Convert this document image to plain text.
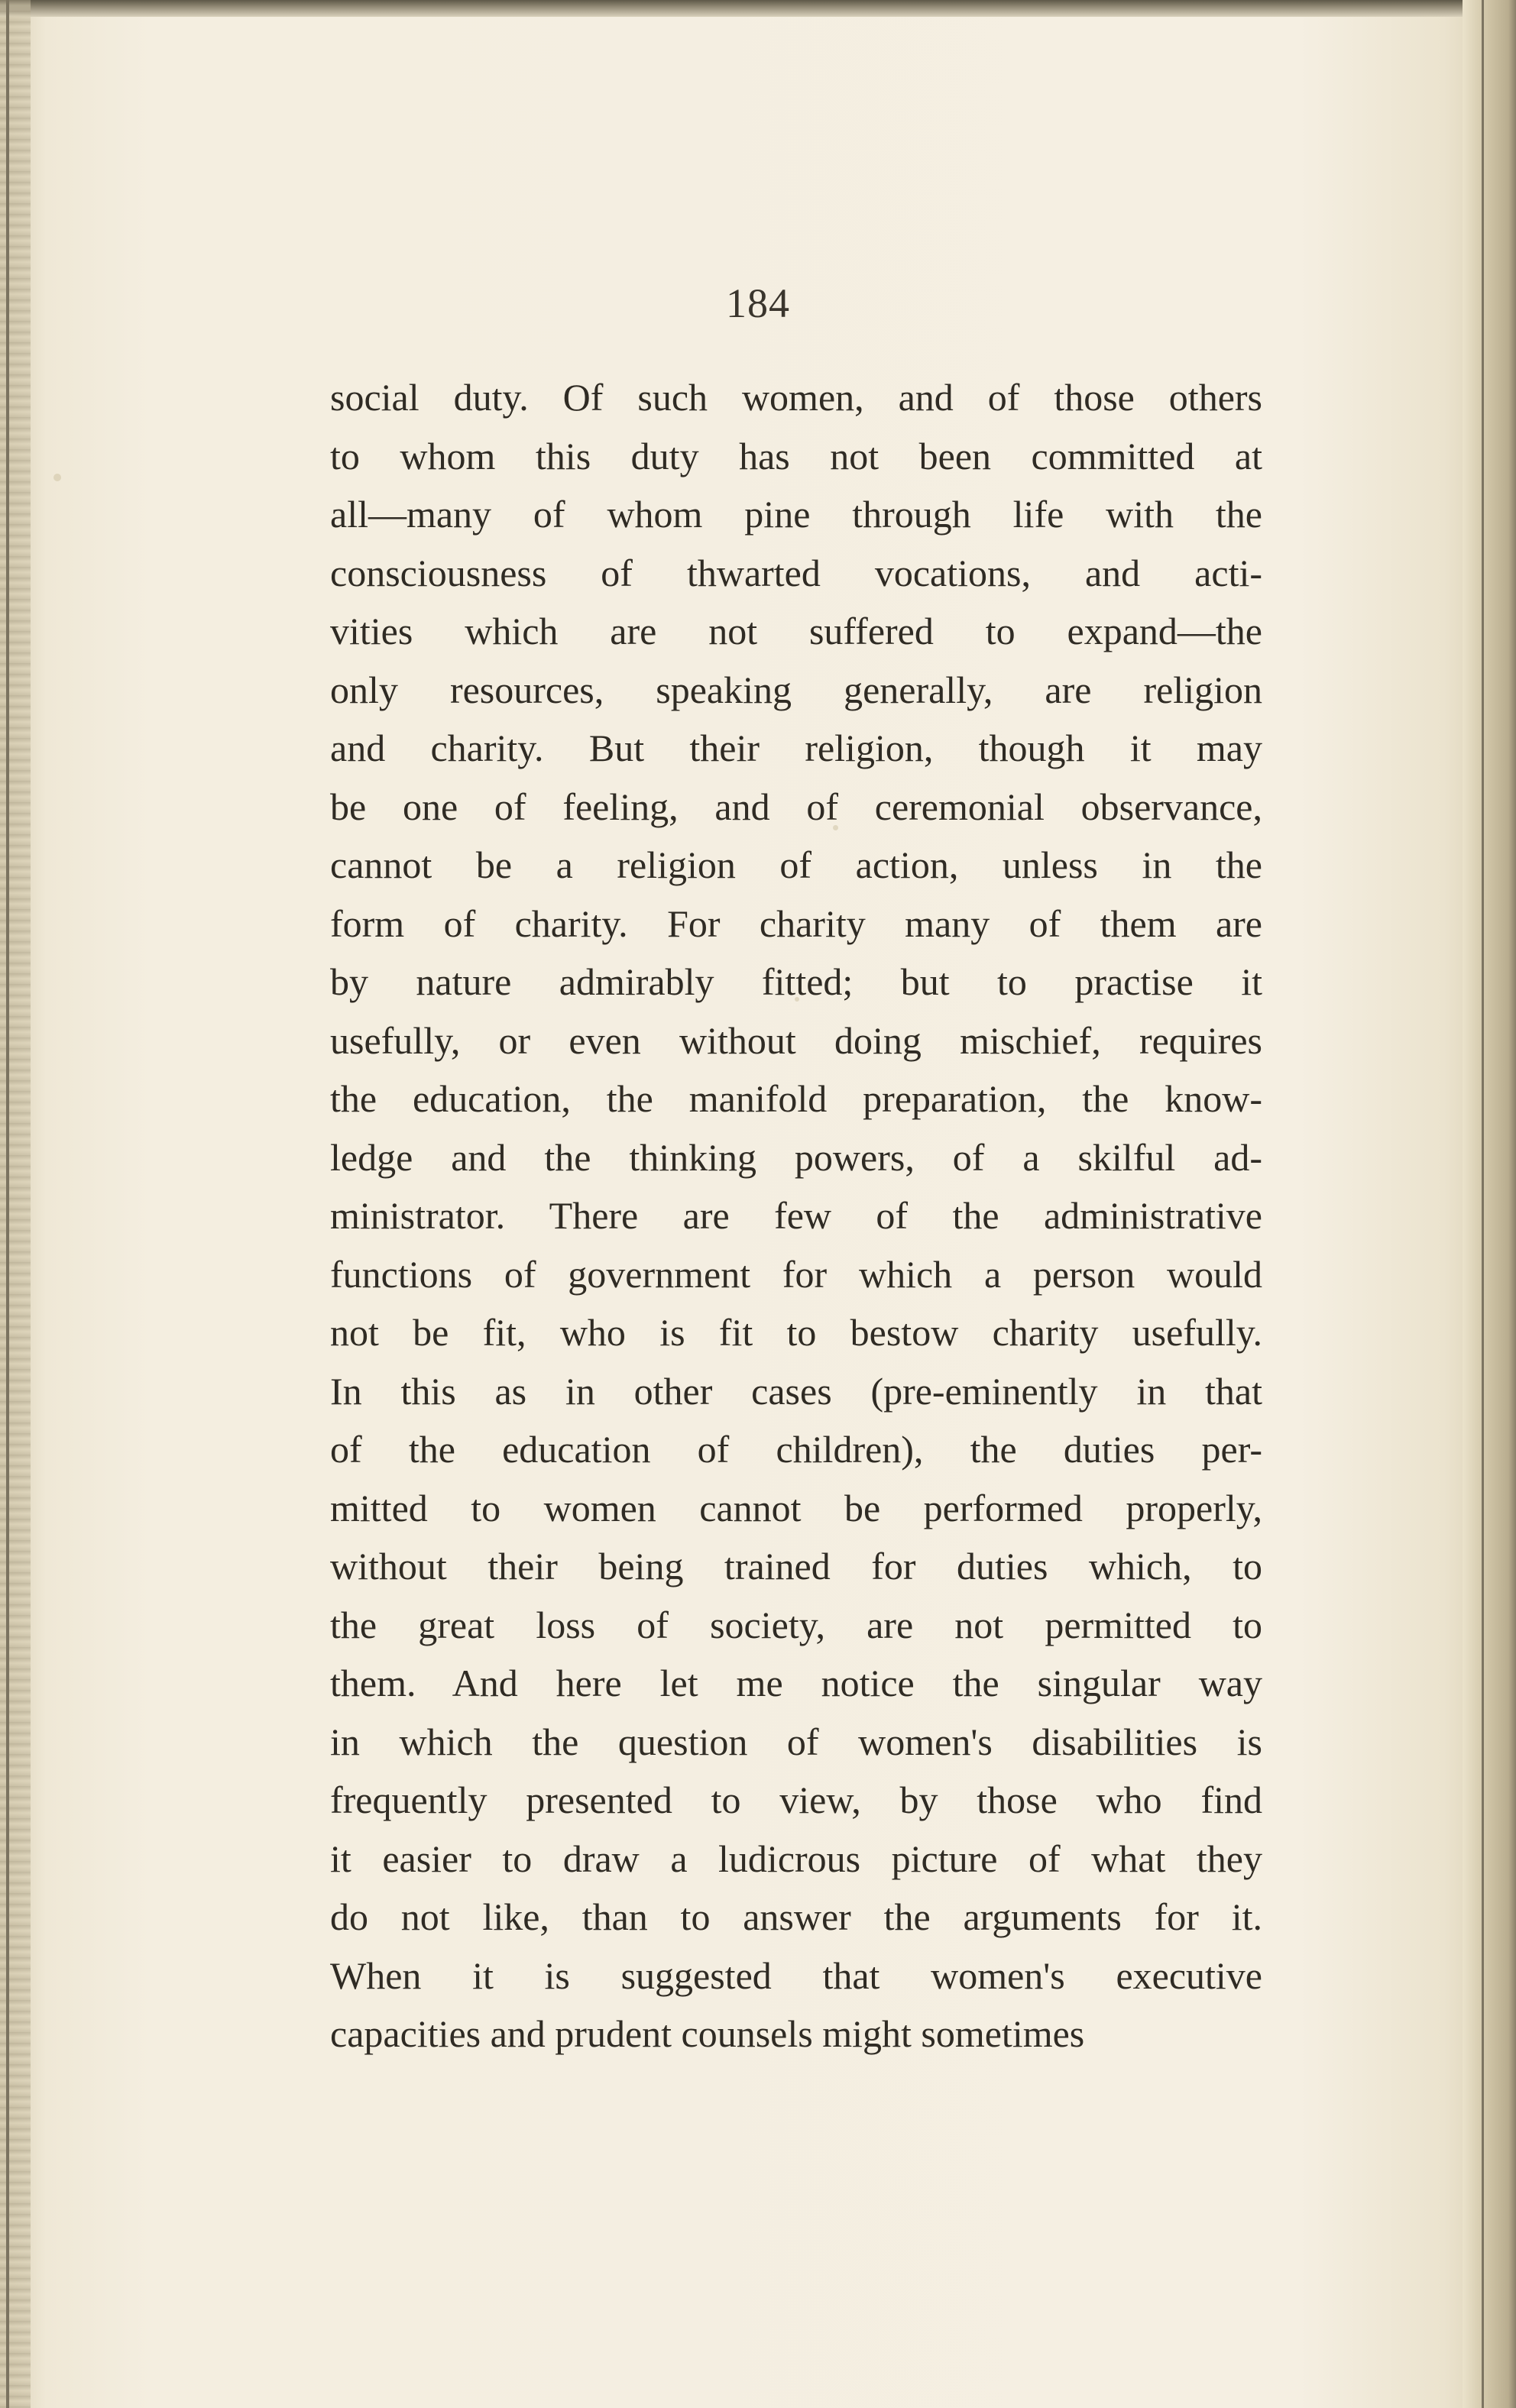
184
social duty. Of such women, and of those others
to whom this duty has not been committed at
all—many of whom pine through life with the
consciousness of thwarted vocations, and acti-
vities which are not suffered to expand—the
only resources, speaking generally, are religion
and charity. But their religion, though it may
be one of feeling, and of ceremonial observance,
cannot be a religion of action, unless in the
form of charity. For charity many of them are
by nature admirably fitted; but to practise it
usefully, or even without doing mischief, requires
the education, the manifold preparation, the know-
ledge and the thinking powers, of a skilful ad-
ministrator. There are few of the administrative
functions of government for which a person would
not be fit, who is fit to bestow charity usefully.
In this as in other cases (pre-eminently in that
of the education of children), the duties per-
mitted to women cannot be performed properly,
without their being trained for duties which, to
the great loss of society, are not permitted to
them. And here let me notice the singular way
in which the question of women's disabilities is
frequently presented to view, by those who find
it easier to draw a ludicrous picture of what they
do not like, than to answer the arguments for it.
When it is suggested that women's executive
capacities and prudent counsels might sometimes
